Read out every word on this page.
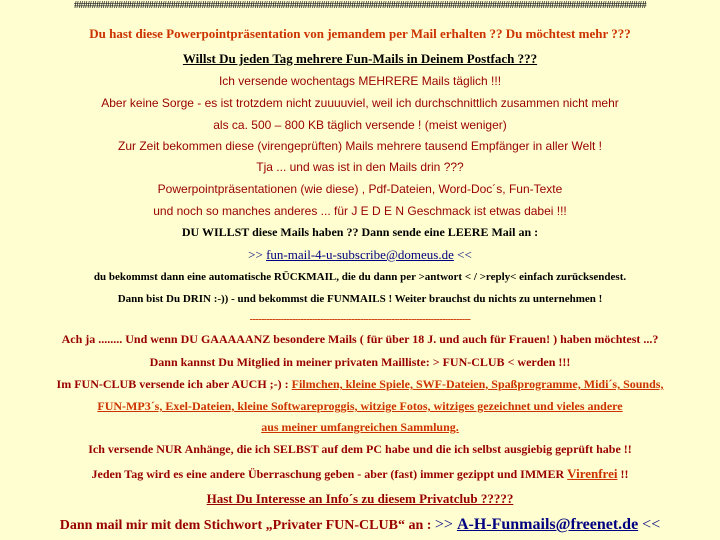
##################################################################################################################################
Du hast diese Powerpointpräsentation von jemandem per Mail erhalten ?? Du möchtest mehr ???
Willst Du jeden Tag mehrere Fun-Mails in Deinem Postfach ???
Ich versende wochentags MEHRERE Mails täglich !!!
Aber keine Sorge - es ist trotzdem nicht zuuuuviel, weil ich durchschnittlich zusammen nicht mehr
als ca. 500 – 800 KB täglich versende ! (meist weniger)
Zur Zeit bekommen diese (virengeprüften) Mails mehrere tausend Empfänger in aller Welt !
Tja ... und was ist in den Mails drin ???
Powerpointpräsentationen (wie diese) , Pdf-Dateien, Word-Doc´s, Fun-Texte
und noch so manches anderes ... für J E D E N Geschmack ist etwas dabei !!!
DU WILLST diese Mails haben ?? Dann sende eine LEERE Mail an :
>> fun-mail-4-u-subscribe@domeus.de <<
du bekommst dann eine automatische RÜCKMAIL, die du dann per >antwort < / >reply< einfach zurücksendest.
Dann bist Du DRIN :-)) - und bekommst die FUNMAILS ! Weiter brauchst du nichts zu unternehmen !
------------------------------------------------------------------------------
Ach ja ........ Und wenn DU GAAAAANZ besondere Mails ( für über 18 J. und auch für Frauen! ) haben möchtest ...?
Dann kannst Du Mitglied in meiner privaten Mailliste: > FUN-CLUB < werden !!!
Im FUN-CLUB versende ich aber AUCH ;-) : Filmchen, kleine Spiele, SWF-Dateien, Spaßprogramme, Midi´s, Sounds,
FUN-MP3´s, Exel-Dateien, kleine Softwareproggis, witzige Fotos, witziges gezeichnet und vieles andere
aus meiner umfangreichen Sammlung.
Ich versende NUR Anhänge, die ich SELBST auf dem PC habe und die ich selbst ausgiebig geprüft habe !!
Jeden Tag wird es eine andere Überraschung geben - aber (fast) immer gezippt und IMMER Virenfrei !!
Hast Du Interesse an Info´s zu diesem Privatclub ?????
Dann mail mir mit dem Stichwort „Privater FUN-CLUB“ an : >> A-H-Funmails@freenet.de <<
